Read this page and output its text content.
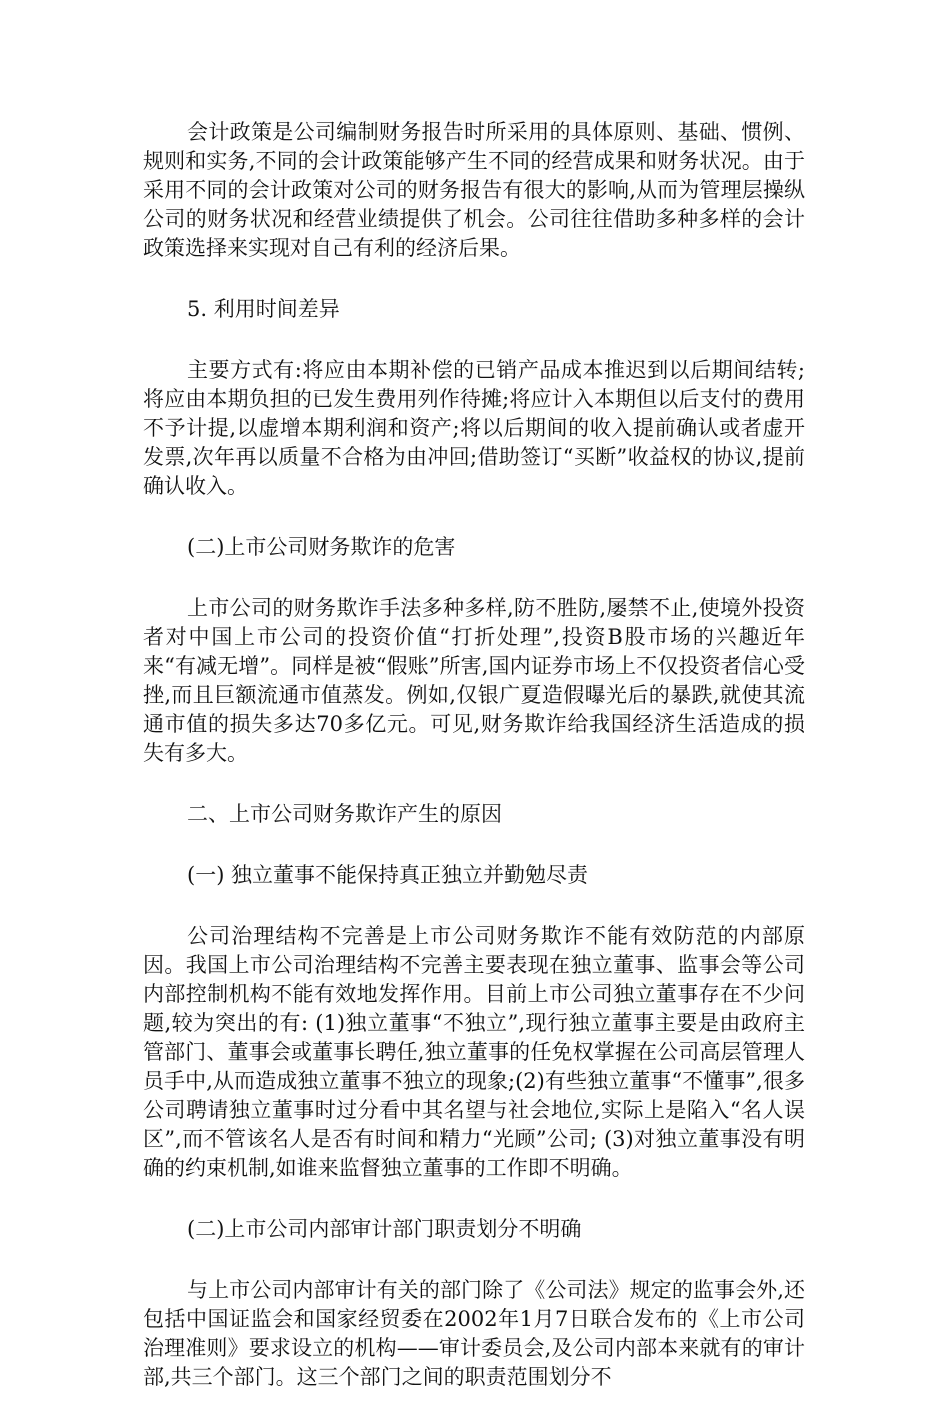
会计政策是公司编制财务报告时所采用的具体原则、基础、惯例、规则和实务,不同的会计政策能够产生不同的经营成果和财务状况。由于采用不同的会计政策对公司的财务报告有很大的影响,从而为管理层操纵公司的财务状况和经营业绩提供了机会。公司往往借助多种多样的会计政策选择来实现对自己有利的经济后果。

5. 利用时间差异

主要方式有:将应由本期补偿的已销产品成本推迟到以后期间结转;将应由本期负担的已发生费用列作待摊;将应计入本期但以后支付的费用不予计提,以虚增本期利润和资产;将以后期间的收入提前确认或者虚开发票,次年再以质量不合格为由冲回;借助签订“买断”收益权的协议,提前确认收入。

(二)上市公司财务欺诈的危害

上市公司的财务欺诈手法多种多样,防不胜防,屡禁不止,使境外投资者对中国上市公司的投资价值“打折处理”,投资B股市场的兴趣近年来“有减无增”。同样是被“假账”所害,国内证券市场上不仅投资者信心受挫,而且巨额流通市值蒸发。例如,仅银广夏造假曝光后的暴跌,就使其流通市值的损失多达70多亿元。可见,财务欺诈给我国经济生活造成的损失有多大。

二、上市公司财务欺诈产生的原因

(一) 独立董事不能保持真正独立并勤勉尽责

公司治理结构不完善是上市公司财务欺诈不能有效防范的内部原因。我国上市公司治理结构不完善主要表现在独立董事、监事会等公司内部控制机构不能有效地发挥作用。目前上市公司独立董事存在不少问题,较为突出的有: (1)独立董事“不独立”,现行独立董事主要是由政府主管部门、董事会或董事长聘任,独立董事的任免权掌握在公司高层管理人员手中,从而造成独立董事不独立的现象;(2)有些独立董事“不懂事”,很多公司聘请独立董事时过分看中其名望与社会地位,实际上是陷入“名人误区”,而不管该名人是否有时间和精力“光顾”公司; (3)对独立董事没有明确的约束机制,如谁来监督独立董事的工作即不明确。

(二)上市公司内部审计部门职责划分不明确

与上市公司内部审计有关的部门除了《公司法》规定的监事会外,还包括中国证监会和国家经贸委在2002年1月7日联合发布的《上市公司治理准则》要求设立的机构——审计委员会,及公司内部本来就有的审计部,共三个部门。这三个部门之间的职责范围划分不
